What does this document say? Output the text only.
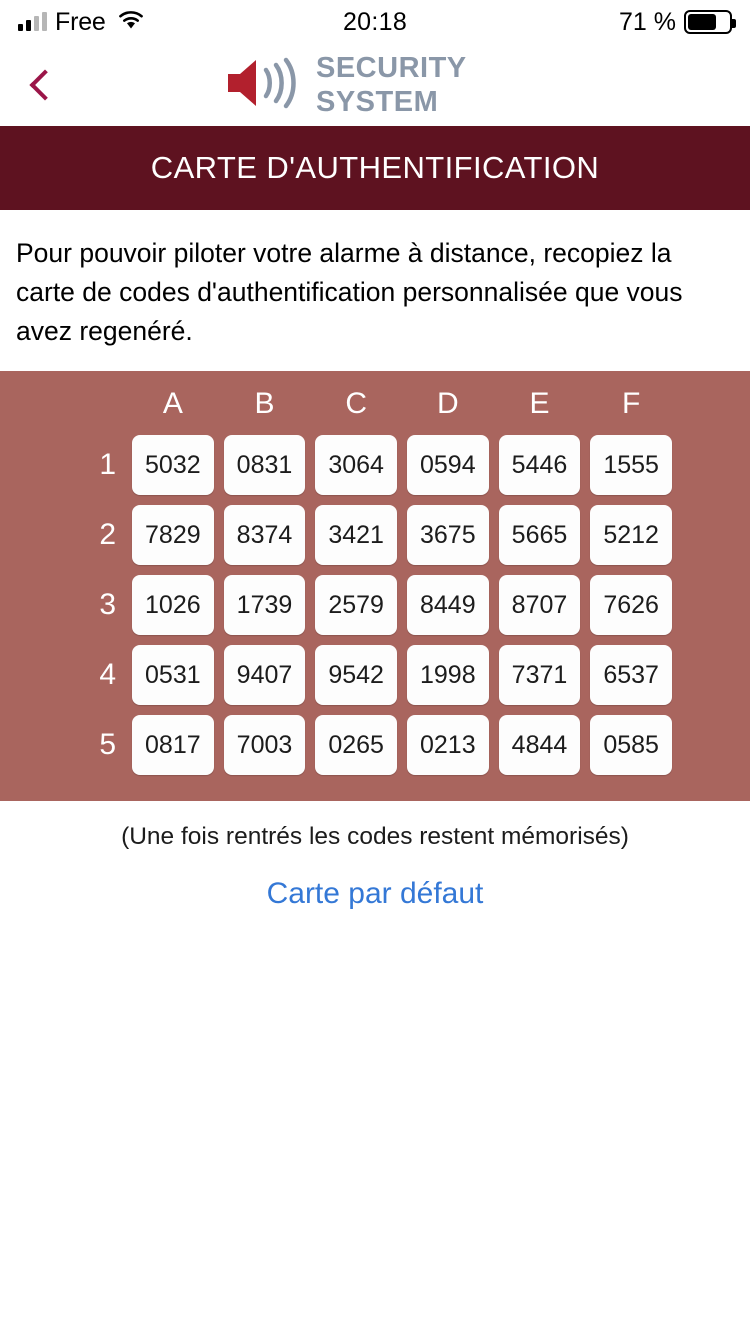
Free	20:18	71 %
SECURITY
SYSTEM
CARTE D'AUTHENTIFICATION

Pour pouvoir piloter votre alarme à distance, recopiez la carte de codes d'authentification personnalisée que vous avez regenéré.

A	B	C	D	E	F
1	5032	0831	3064	0594	5446	1555
2	7829	8374	3421	3675	5665	5212
3	1026	1739	2579	8449	8707	7626
4	0531	9407	9542	1998	7371	6537
5	0817	7003	0265	0213	4844	0585
(Une fois rentrés les codes restent mémorisés)
Carte par défaut
